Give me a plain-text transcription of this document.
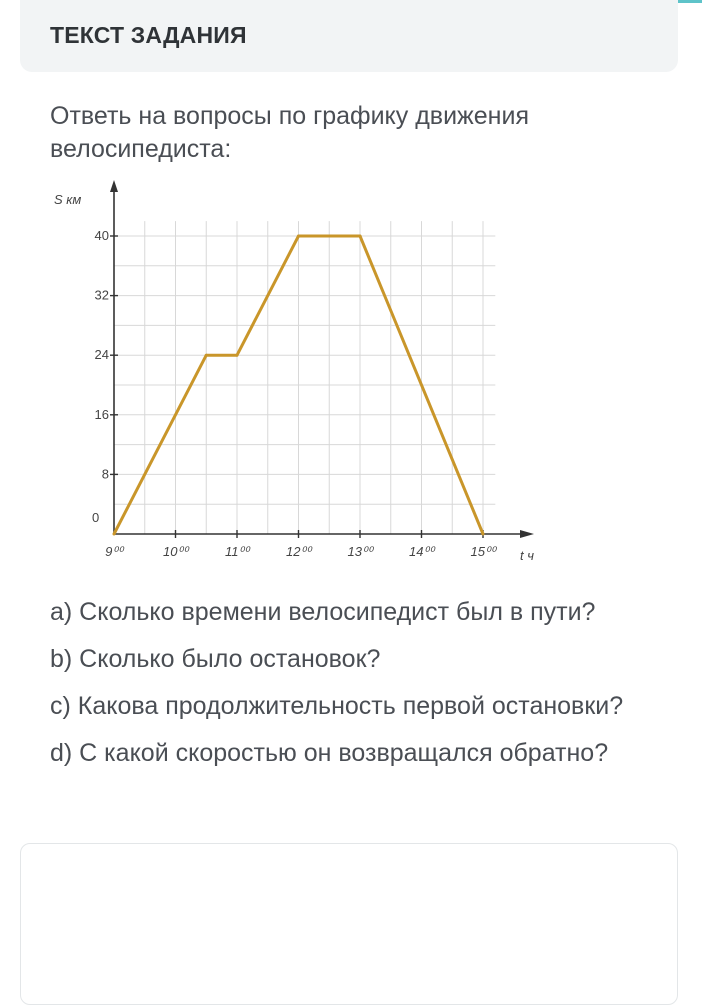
ТЕКСТ ЗАДАНИЯ
Ответь на вопросы по графику движения велосипедиста:
0
8
16
24
32
40
9⁰⁰	10⁰⁰	11⁰⁰	12⁰⁰	13⁰⁰	14⁰⁰	15⁰⁰
S км
t ч
a) Сколько времени велосипедист был в пути?
b) Сколько было остановок?
c) Какова продолжительность первой остановки?
d) С какой скоростью он возвращался обратно?
